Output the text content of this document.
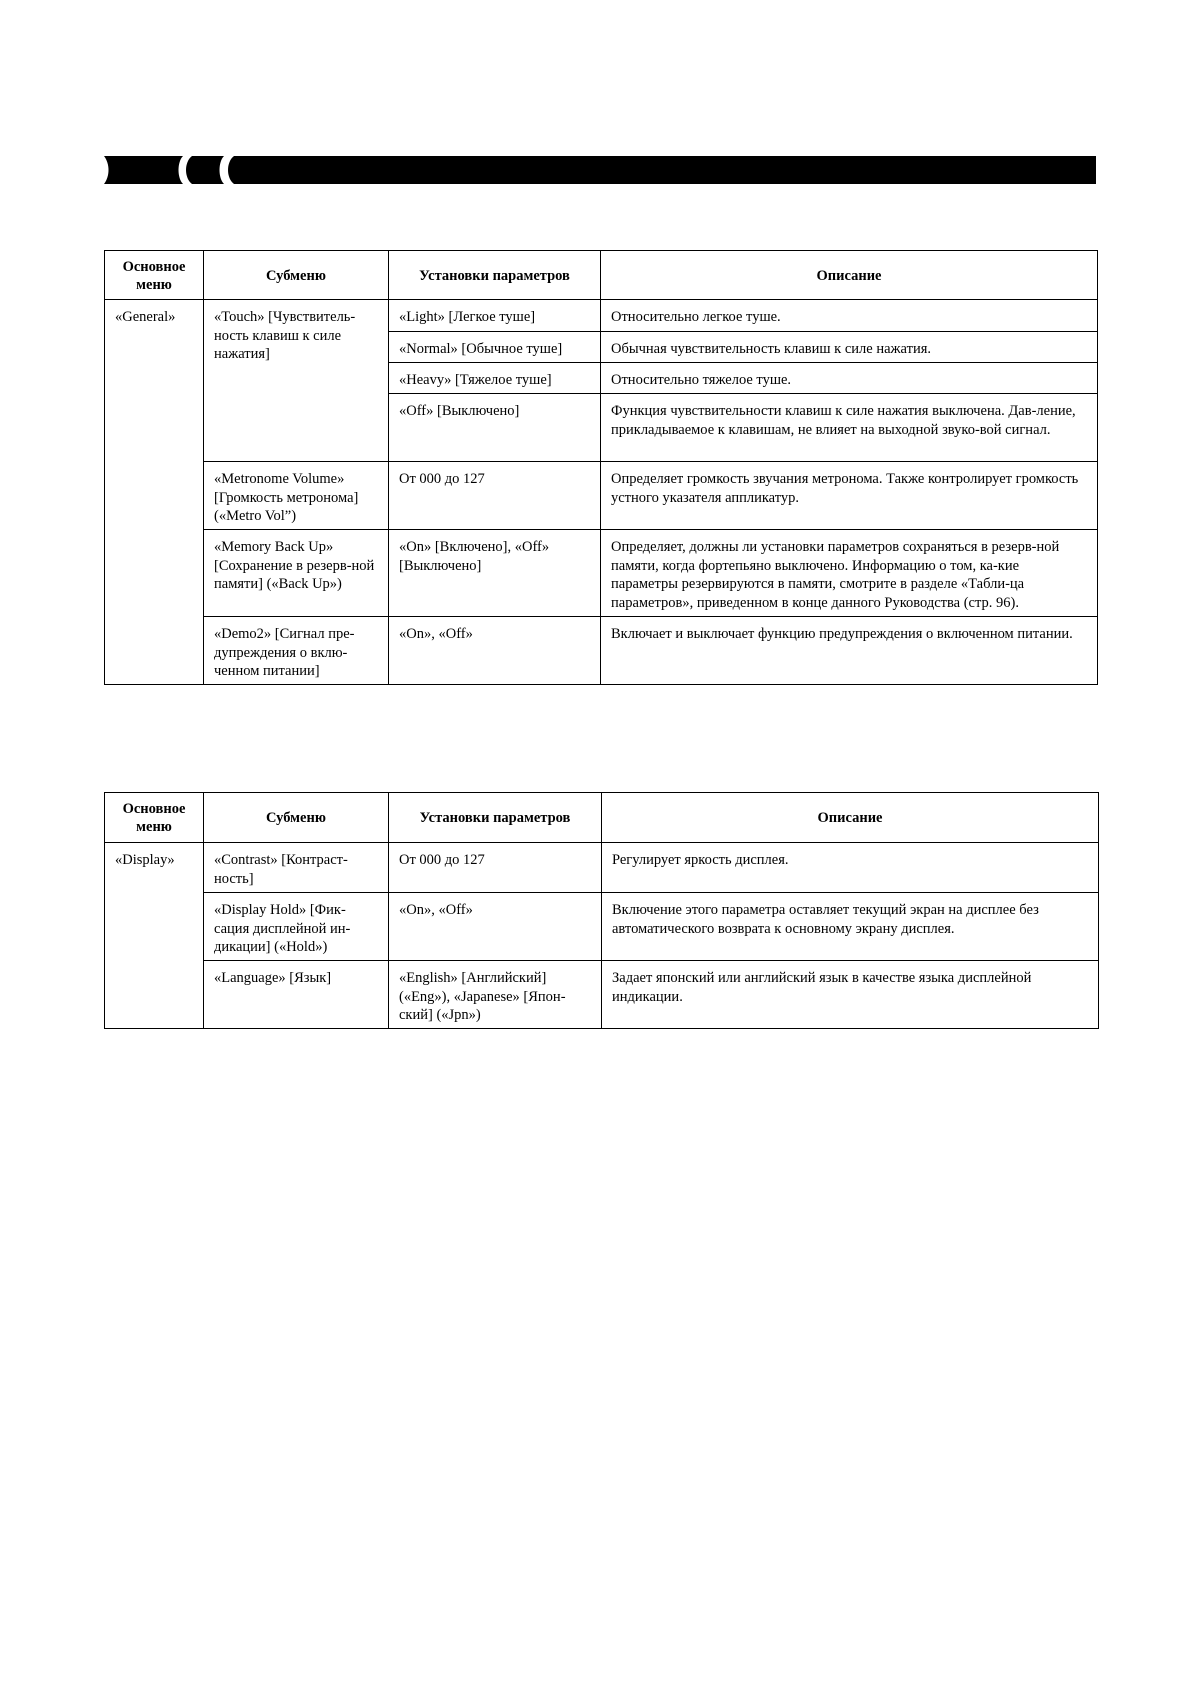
Основное меню	Субменю	Установки параметров	Описание
«General»	«Touch» [Чувствитель-ность клавиш к силе нажатия]	«Light» [Легкое туше]	Относительно легкое туше.
		«Normal» [Обычное туше]	Обычная чувствительность клавиш к силе нажатия.
		«Heavy» [Тяжелое туше]	Относительно тяжелое туше.
		«Off» [Выключено]	Функция чувствительности клавиш к силе нажатия выключена. Дав-ление, прикладываемое к клавишам, не влияет на выходной звуко-вой сигнал.
	«Metronome Volume» [Громкость метронома] («Metro Vol”)	От 000 до 127	Определяет громкость звучания метронома. Также контролирует громкость устного указателя аппликатур.
	«Memory Back Up» [Сохранение в резерв-ной памяти] («Back Up»)	«On» [Включено], «Off» [Выключено]	Определяет, должны ли установки параметров сохраняться в резерв-ной памяти, когда фортепьяно выключено. Информацию о том, ка-кие параметры резервируются в памяти, смотрите в разделе «Табли-ца параметров», приведенном в конце данного Руководства (стр. 96).
	«Demo2» [Сигнал пре-дупреждения о вклю-ченном питании]	«On», «Off»	Включает и выключает функцию предупреждения о включенном питании.
Основное меню	Субменю	Установки параметров	Описание
«Display»	«Contrast» [Контраст-ность]	От 000 до 127	Регулирует яркость дисплея.
	«Display Hold» [Фик-сация дисплейной ин-дикации] («Hold»)	«On», «Off»	Включение этого параметра оставляет текущий экран на дисплее без автоматического возврата к основному экрану дисплея.
	«Language» [Язык]	«English» [Английский] («Eng»), «Japanese» [Япон-ский] («Jpn»)	Задает японский или английский язык в качестве языка дисплейной индикации.
